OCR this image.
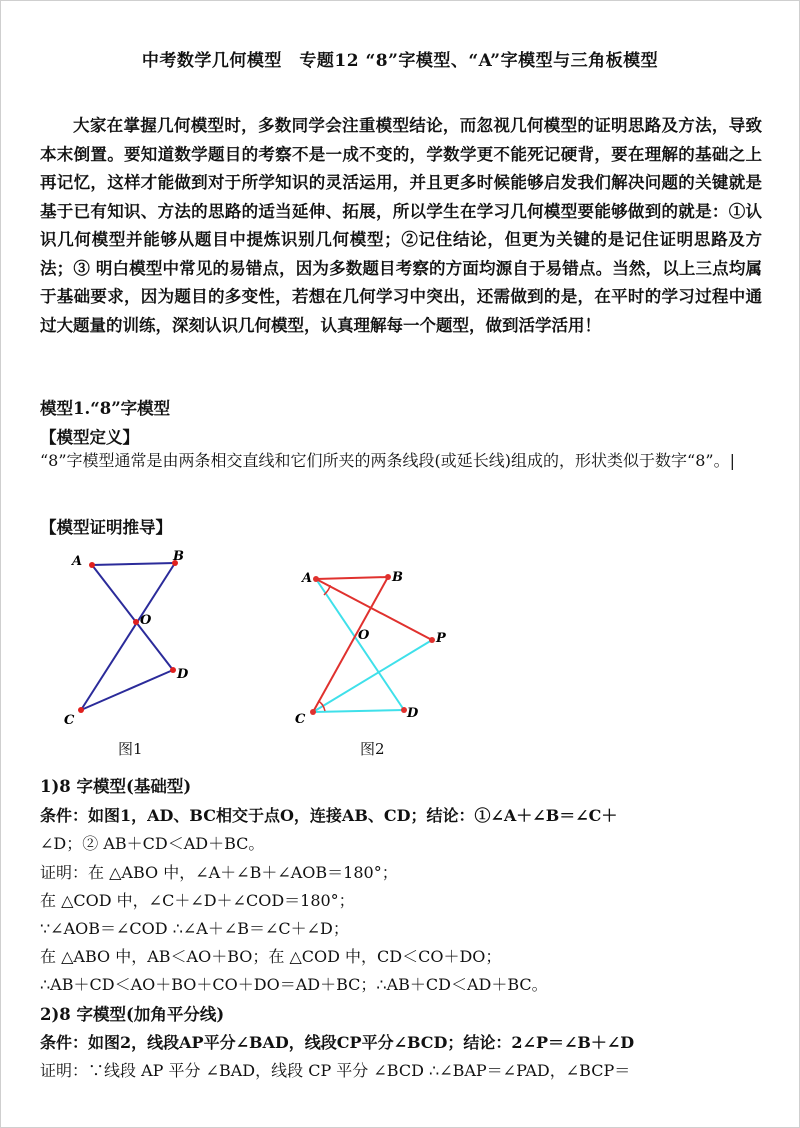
中考数学几何模型　专题12 “8”字模型、“A”字模型与三角板模型
大家在掌握几何模型时，多数同学会注重模型结论，而忽视几何模型的证明思路及方法，导致本末倒置。要知道数学题目的考察不是一成不变的，学数学更不能死记硬背，要在理解的基础之上再记忆，这样才能做到对于所学知识的灵活运用，并且更多时候能够启发我们解决问题的关键就是基于已有知识、方法的思路的适当延伸、拓展，所以学生在学习几何模型要能够做到的就是：①认识几何模型并能够从题目中提炼识别几何模型；②记住结论，但更为关键的是记住证明思路及方法；③ 明白模型中常见的易错点，因为多数题目考察的方面均源自于易错点。当然，以上三点均属于基础要求，因为题目的多变性，若想在几何学习中突出，还需做到的是，在平时的学习过程中通过大题量的训练，深刻认识几何模型，认真理解每一个题型，做到活学活用！
模型1.“8”字模型
【模型定义】
“8”字模型通常是由两条相交直线和它们所夹的两条线段(或延长线)组成的，形状类似于数字“8”。|
【模型证明推导】
A	B
O
D
C
图1
A	B
O	P
C	D
图2
1)8 字模型(基础型)
条件：如图1，AD、BC相交于点O，连接AB、CD；结论：①∠A＋∠B＝∠C＋
∠D；② AB＋CD＜AD＋BC。
证明：在 △ABO 中，∠A＋∠B＋∠AOB＝180°；
在 △COD 中，∠C＋∠D＋∠COD＝180°；
∵∠AOB＝∠COD ∴∠A＋∠B＝∠C＋∠D；
在 △ABO 中，AB＜AO＋BO；在 △COD 中，CD＜CO＋DO；
∴AB＋CD＜AO＋BO＋CO＋DO＝AD＋BC；∴AB＋CD＜AD＋BC。
2)8 字模型(加角平分线)
条件：如图2，线段AP平分∠BAD，线段CP平分∠BCD；结论：2∠P＝∠B＋∠D
证明：∵线段 AP 平分 ∠BAD，线段 CP 平分 ∠BCD ∴∠BAP＝∠PAD，∠BCP＝
